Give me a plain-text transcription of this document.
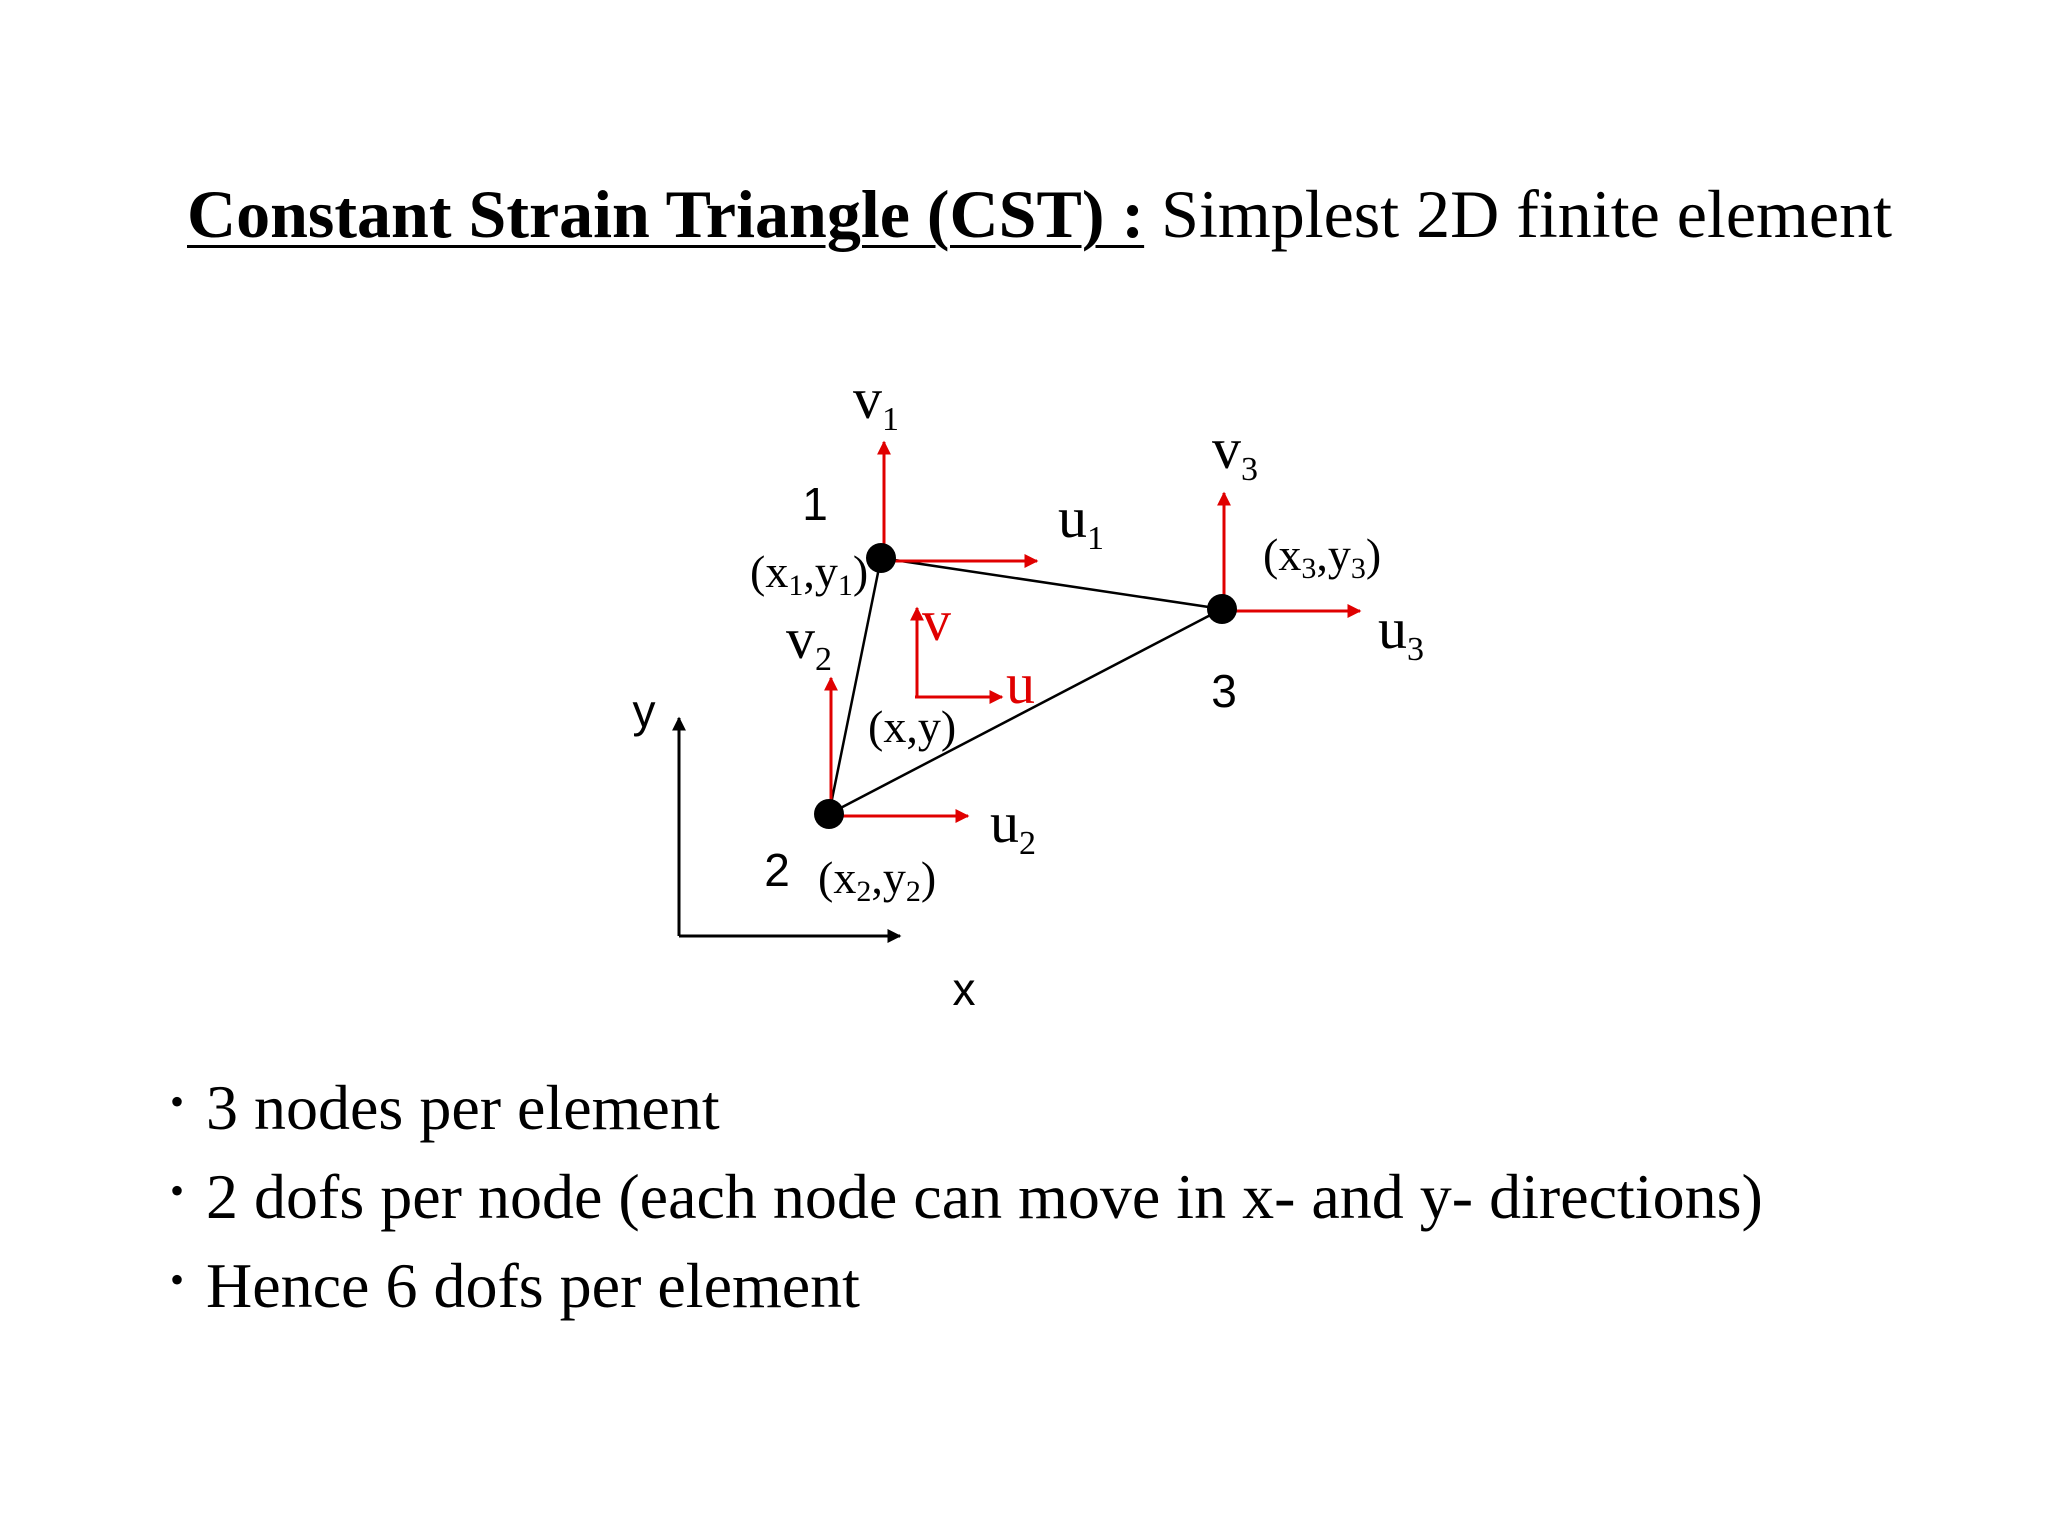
Constant Strain Triangle (CST) : Simplest 2D finite element
y
x
1
2
3
$v_1$
$u_1$
$v_2$
$u_2$
$v_3$
$u_3$
(x1,y1)
(x2,y2)
(x3,y3)
v
u
(x,y)
• 3 nodes per element
• 2 dofs per node (each node can move in x- and y- directions)
• Hence 6 dofs per element
